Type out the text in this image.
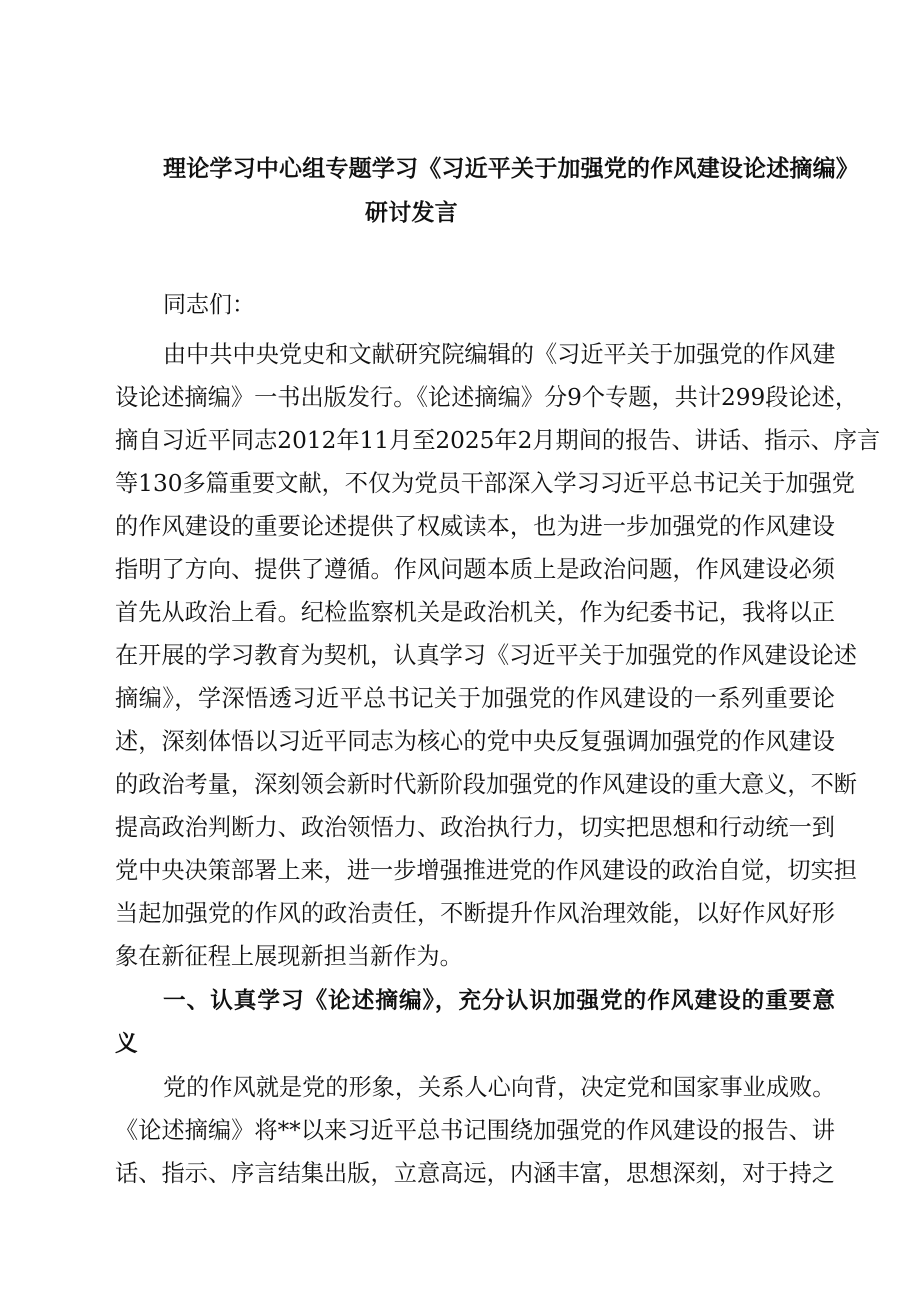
理论学习中心组专题学习《习近平关于加强党的作风建设论述摘编》
研讨发言
同志们：
由中共中央党史和文献研究院编辑的《习近平关于加强党的作风建
设论述摘编》一书出版发行。《论述摘编》分9个专题，共计299段论述，
摘自习近平同志2012年11月至2025年2月期间的报告、讲话、指示、序言
等130多篇重要文献，不仅为党员干部深入学习习近平总书记关于加强党
的作风建设的重要论述提供了权威读本，也为进一步加强党的作风建设
指明了方向、提供了遵循。作风问题本质上是政治问题，作风建设必须
首先从政治上看。纪检监察机关是政治机关，作为纪委书记，我将以正
在开展的学习教育为契机，认真学习《习近平关于加强党的作风建设论述
摘编》，学深悟透习近平总书记关于加强党的作风建设的一系列重要论
述，深刻体悟以习近平同志为核心的党中央反复强调加强党的作风建设
的政治考量，深刻领会新时代新阶段加强党的作风建设的重大意义，不断
提高政治判断力、政治领悟力、政治执行力，切实把思想和行动统一到
党中央决策部署上来，进一步增强推进党的作风建设的政治自觉，切实担
当起加强党的作风的政治责任，不断提升作风治理效能，以好作风好形
象在新征程上展现新担当新作为。
一、认真学习《论述摘编》，充分认识加强党的作风建设的重要意
义
党的作风就是党的形象，关系人心向背，决定党和国家事业成败。
《论述摘编》将**以来习近平总书记围绕加强党的作风建设的报告、讲
话、指示、序言结集出版，立意高远，内涵丰富，思想深刻，对于持之
